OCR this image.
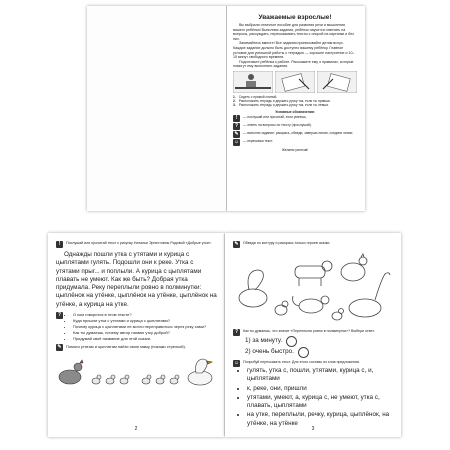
Уважаемые взрослые!
Вы выбрали отличное пособие для развития речи и мышления вашего ребёнка! Выполняя задания, ребёнок научится отвечать на вопросы, рассуждать, пересказывать тексты с опорой на картинки и без них.
Занимайтесь вместе! Все задания прописывайте детям вслух. Каждое задание должно быть доступно вашему ребёнку. Главное условие для успешной работы с тетрадью — хорошее настроение и 10–15 минут свободного времени.
Подготовьте ребёнка к работе. Расскажите ему о правилах, которые помогут ему выполнять задания.
1. Сидеть с прямой спиной.
2. Расположить тетрадь и держать ручку так, если ты правша.
3. Расположить тетрадь и держать ручку так, если ты левша.
Условные обозначения:
!	— послушай или прочитай, если умеешь.
?	— ответь на вопросы по тексту (прослушай).
✎	— выполни задание: раскрась, обведи, заверши линии, соедини линии.
☺ — перескажи текст.
Желаем успехов!
!	Послушай или прочитай текст к рисунку Натальи Эрнестовны Радовой «Добрые утки».
Однажды пошли утка с утятами и курица с цыплятами гулять. Подошли они к реке. Утка с утятами прыг... и поплыли. А курица с цыплятами плавать не умеют. Как же быть? Добрая утка придумала. Реку переплыли ровно в полминутки: цыплёнок на утёнке, цыплёнок на утёнке, цыплёнок на утёнке, а курица на утке.
?
•	О ком говорится в этом тексте?
• Куда пришли утка с утятами и курица с цыплятами?
• Почему курица с цыплятами не могли переправиться через реку сами?
• Как ты думаешь, почему автор назвал утку доброй?
• Придумай своё название для этой сказки.
✎	Помоги утятам и цыплятам найти свою маму (покажи стрелкой).
2
✎	Обведи по контуру и раскрась только героев сказки.
?	Как ты думаешь, что значит «Переплыли ровно в полминутки»? Выбери ответ.
1) за минуту.
2) очень быстро.
☺ Попробуй пересказать текст. Для этого составь из слов предложения.
• гулять, утка с, пошли, утятами, курица с, и, цыплятами
• к, реке, они, пришли
• утятами, умеют, а, курица с, не умеют, утка с, плавать, цыплятами
• на утке, переплыли, речку, курица, цыплёнок, на утёнке, на утёнке
3
